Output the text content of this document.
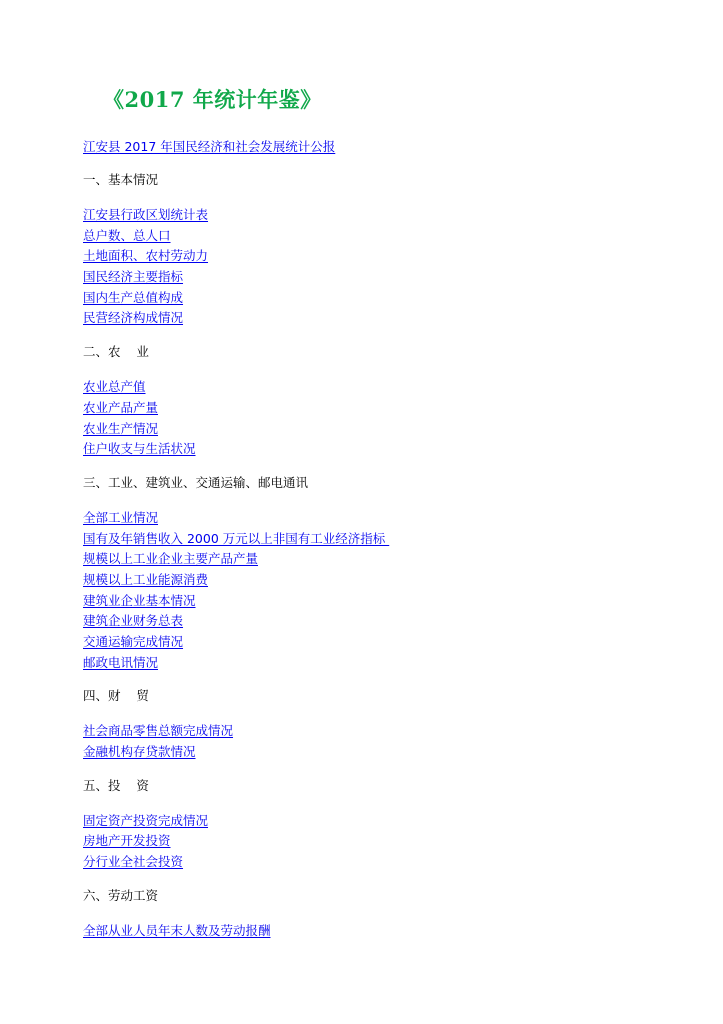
《2017 年统计年鉴》
江安县 2017 年国民经济和社会发展统计公报
一、基本情况
江安县行政区划统计表
总户数、总人口
土地面积、农村劳动力
国民经济主要指标
国内生产总值构成
民营经济构成情况
二、农    业
农业总产值
农业产品产量
农业生产情况
住户收支与生活状况
三、工业、建筑业、交通运输、邮电通讯
全部工业情况
国有及年销售收入 2000 万元以上非国有工业经济指标
规模以上工业企业主要产品产量
规模以上工业能源消费
建筑业企业基本情况
建筑企业财务总表
交通运输完成情况
邮政电讯情况
四、财    贸
社会商品零售总额完成情况
金融机构存贷款情况
五、投    资
固定资产投资完成情况
房地产开发投资
分行业全社会投资
六、劳动工资
全部从业人员年末人数及劳动报酬
